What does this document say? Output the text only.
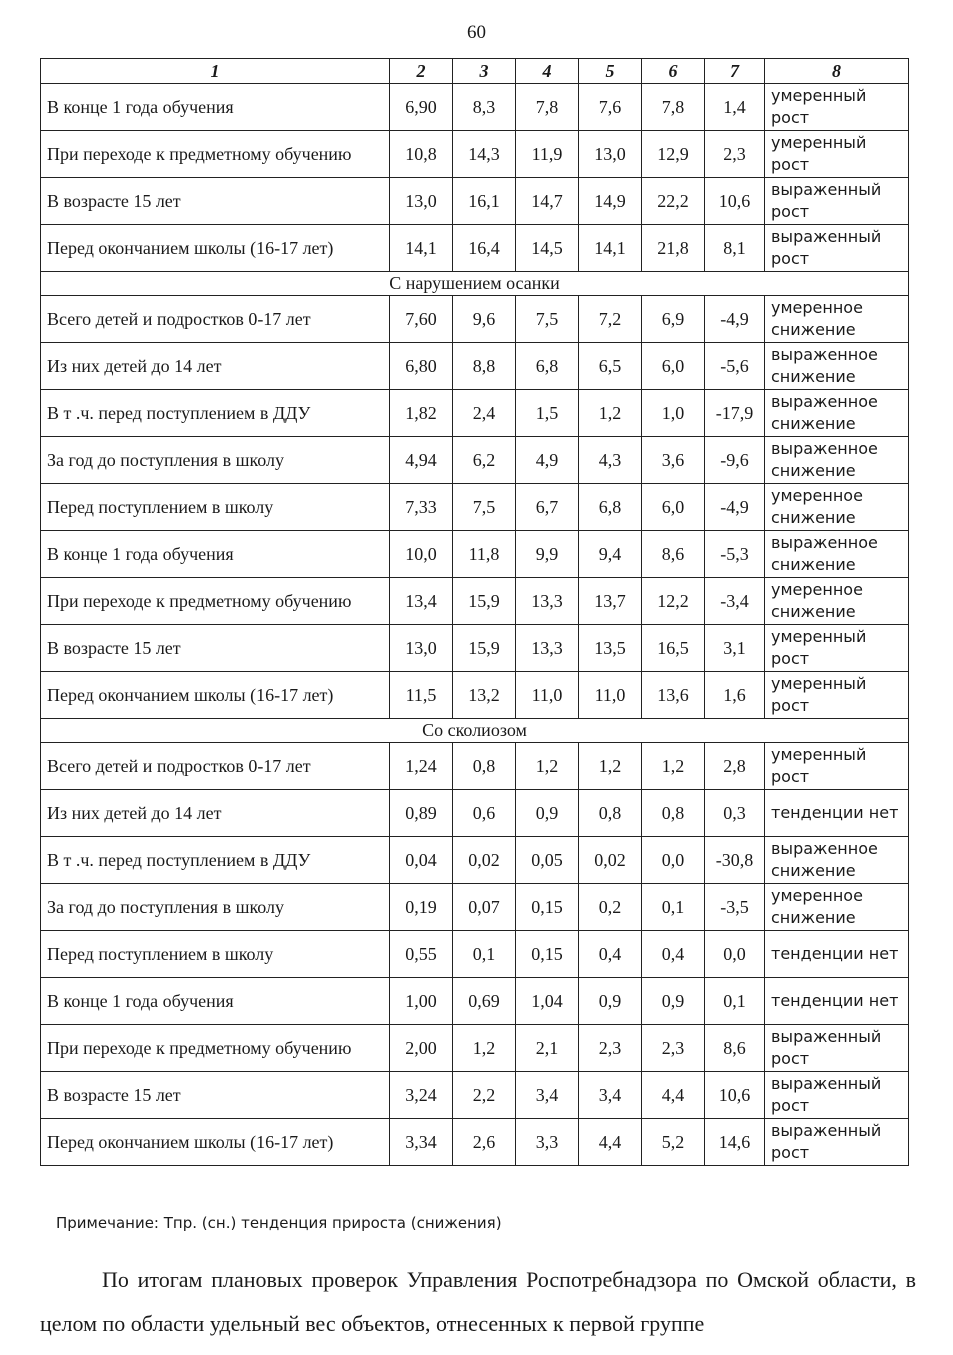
60
1	2	3	4	5	6	7	8
В конце 1 года обучения	6,90	8,3	7,8	7,6	7,8	1,4	умеренный рост
При переходе к предметному обучению	10,8	14,3	11,9	13,0	12,9	2,3	умеренный рост
В возрасте 15 лет	13,0	16,1	14,7	14,9	22,2	10,6	выраженный рост
Перед окончанием школы (16-17 лет)	14,1	16,4	14,5	14,1	21,8	8,1	выраженный рост
С нарушением осанки							
Всего детей и подростков 0-17 лет	7,60	9,6	7,5	7,2	6,9	-4,9	умеренное снижение
Из них детей до 14 лет	6,80	8,8	6,8	6,5	6,0	-5,6	выраженное снижение
В т .ч. перед поступлением в ДДУ	1,82	2,4	1,5	1,2	1,0	-17,9	выраженное снижение
За год до поступления в школу	4,94	6,2	4,9	4,3	3,6	-9,6	выраженное снижение
Перед поступлением в школу	7,33	7,5	6,7	6,8	6,0	-4,9	умеренное снижение
В конце 1 года обучения	10,0	11,8	9,9	9,4	8,6	-5,3	выраженное снижение
При переходе к предметному обучению	13,4	15,9	13,3	13,7	12,2	-3,4	умеренное снижение
В возрасте 15 лет	13,0	15,9	13,3	13,5	16,5	3,1	умеренный рост
Перед окончанием школы (16-17 лет)	11,5	13,2	11,0	11,0	13,6	1,6	умеренный рост
Со сколиозом							
Всего детей и подростков 0-17 лет	1,24	0,8	1,2	1,2	1,2	2,8	умеренный рост
Из них детей до 14 лет	0,89	0,6	0,9	0,8	0,8	0,3	тенденции нет
В т .ч. перед поступлением в ДДУ	0,04	0,02	0,05	0,02	0,0	-30,8	выраженное снижение
За год до поступления в школу	0,19	0,07	0,15	0,2	0,1	-3,5	умеренное снижение
Перед поступлением в школу	0,55	0,1	0,15	0,4	0,4	0,0	тенденции нет
В конце 1 года обучения	1,00	0,69	1,04	0,9	0,9	0,1	тенденции нет
При переходе к предметному обучению	2,00	1,2	2,1	2,3	2,3	8,6	выраженный рост
В возрасте 15 лет	3,24	2,2	3,4	3,4	4,4	10,6	выраженный рост
Перед окончанием школы (16-17 лет)	3,34	2,6	3,3	4,4	5,2	14,6	выраженный рост
Примечание: Тпр. (сн.) тенденция прироста (снижения)

По итогам плановых проверок Управления Роспотребнадзора по Омской области, в целом по области удельный вес объектов, отнесенных к первой группе
